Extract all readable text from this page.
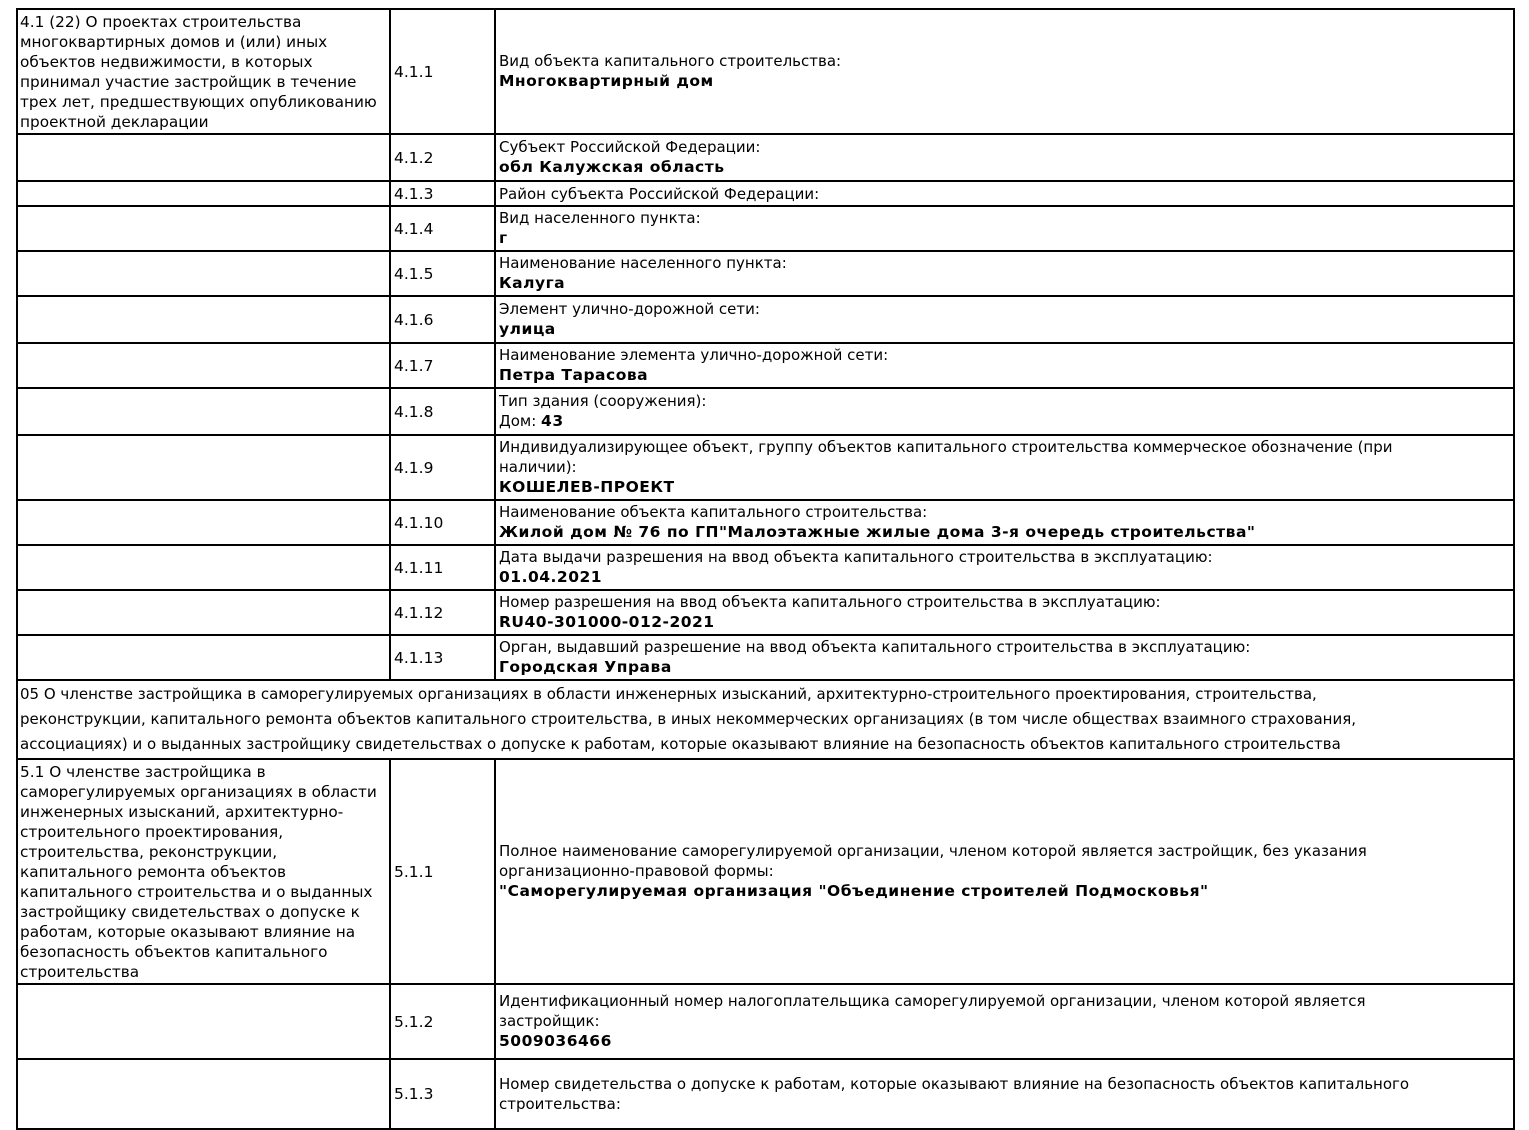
4.1 (22) О проектах строительства многоквартирных домов и (или) иных объектов недвижимости, в которых принимал участие застройщик в течение трех лет, предшествующих опубликованию проектной декларации	4.1.1	Вид объекта капитального строительства:
Многоквартирный дом

	4.1.2	Субъект Российской Федерации:
обл Калужская область

	4.1.3	Район субъекта Российской Федерации:

	4.1.4	Вид населенного пункта:
г

	4.1.5	Наименование населенного пункта:
Калуга

	4.1.6	Элемент улично-дорожной сети:
улица

	4.1.7	Наименование элемента улично-дорожной сети:
Петра Тарасова

	4.1.8	Тип здания (сооружения):
Дом: 43

	4.1.9	Индивидуализирующее объект, группу объектов капитального строительства коммерческое обозначение (при наличии):
КОШЕЛЕВ-ПРОЕКТ

	4.1.10	Наименование объекта капитального строительства:
Жилой дом № 76 по ГП"Малоэтажные жилые дома 3-я очередь строительства"

	4.1.11	Дата выдачи разрешения на ввод объекта капитального строительства в эксплуатацию:
01.04.2021

	4.1.12	Номер разрешения на ввод объекта капитального строительства в эксплуатацию:
RU40-301000-012-2021

	4.1.13	Орган, выдавший разрешение на ввод объекта капитального строительства в эксплуатацию:
Городская Управа

05 О членстве застройщика в саморегулируемых организациях в области инженерных изысканий, архитектурно-строительного проектирования, строительства, реконструкции, капитального ремонта объектов капитального строительства, в иных некоммерческих организациях (в том числе обществах взаимного страхования, ассоциациях) и о выданных застройщику свидетельствах о допуске к работам, которые оказывают влияние на безопасность объектов капитального строительства		

5.1 О членстве застройщика в саморегулируемых организациях в области инженерных изысканий, архитектурно-строительного проектирования, строительства, реконструкции, капитального ремонта объектов капитального строительства и о выданных застройщику свидетельствах о допуске к работам, которые оказывают влияние на безопасность объектов капитального строительства	5.1.1	Полное наименование саморегулируемой организации, членом которой является застройщик, без указания организационно-правовой формы:
"Саморегулируемая организация "Объединение строителей Подмосковья"

	5.1.2	Идентификационный номер налогоплательщика саморегулируемой организации, членом которой является застройщик:
5009036466

	5.1.3	Номер свидетельства о допуске к работам, которые оказывают влияние на безопасность объектов капитального строительства:
